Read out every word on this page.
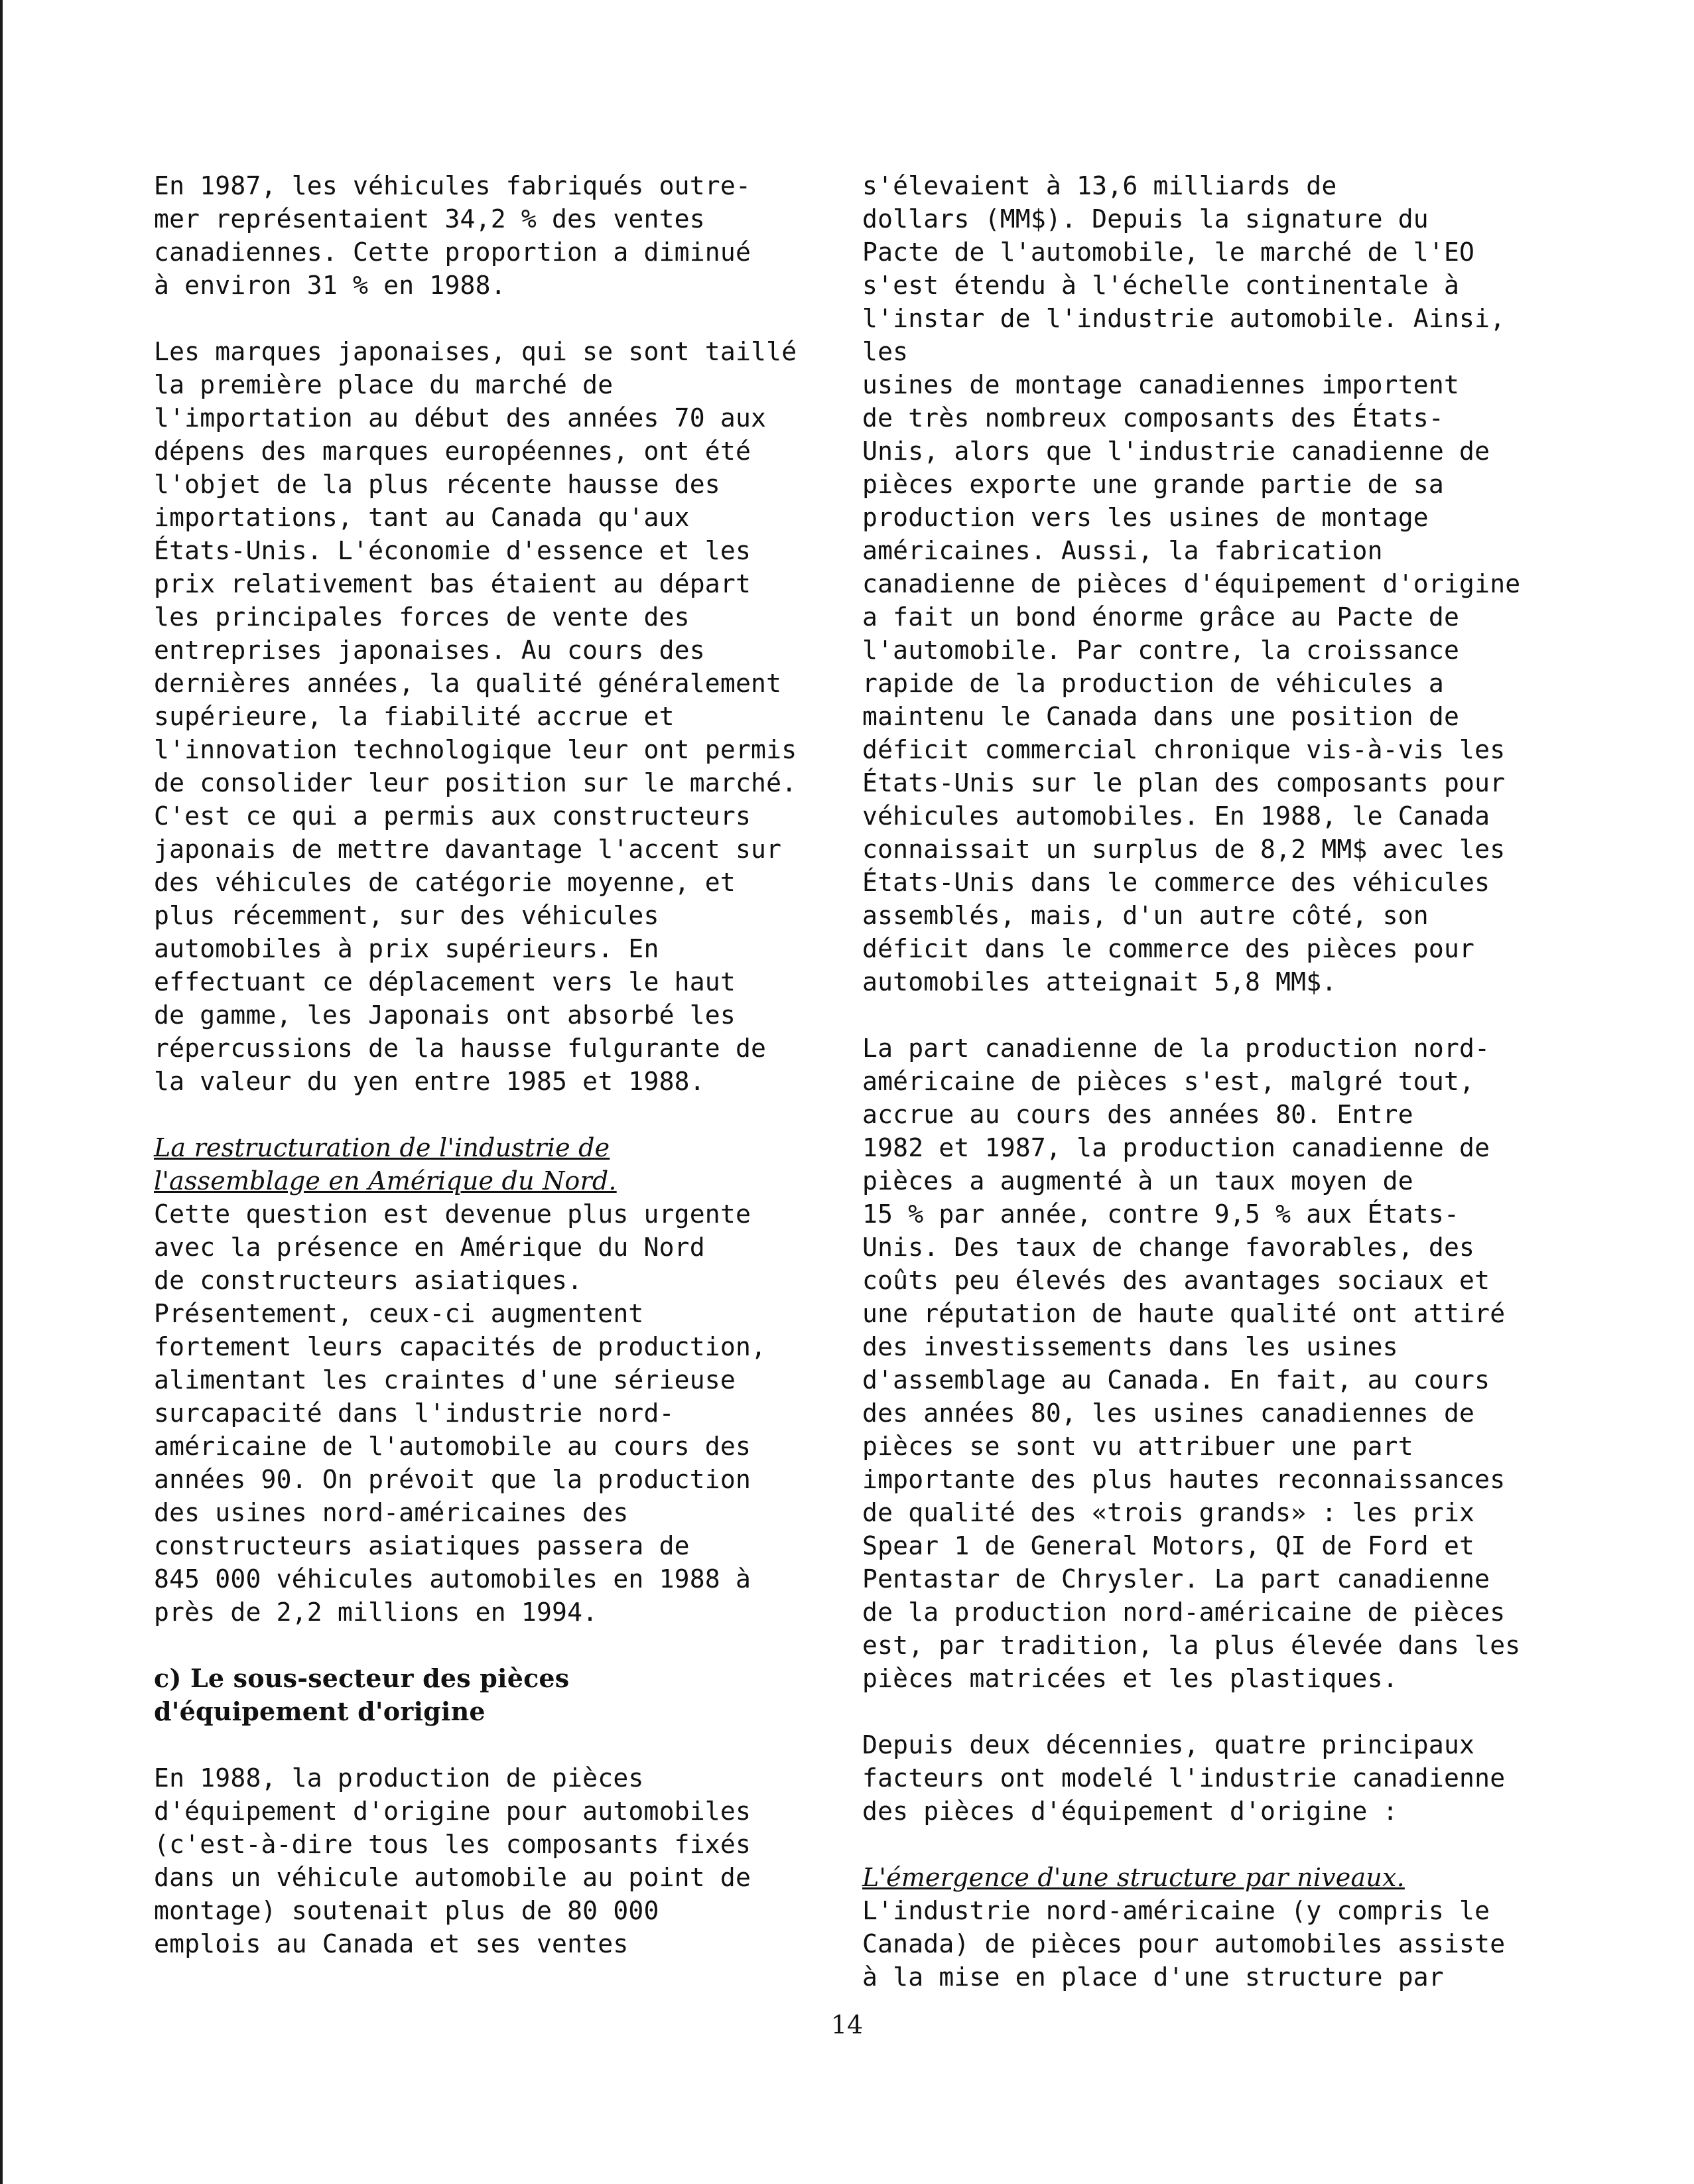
En 1987, les véhicules fabriqués outre-
mer représentaient 34,2 % des ventes
canadiennes. Cette proportion a diminué
à environ 31 % en 1988.

Les marques japonaises, qui se sont taillé
la première place du marché de
l'importation au début des années 70 aux
dépens des marques européennes, ont été
l'objet de la plus récente hausse des
importations, tant au Canada qu'aux
États-Unis. L'économie d'essence et les
prix relativement bas étaient au départ
les principales forces de vente des
entreprises japonaises. Au cours des
dernières années, la qualité généralement
supérieure, la fiabilité accrue et
l'innovation technologique leur ont permis
de consolider leur position sur le marché.
C'est ce qui a permis aux constructeurs
japonais de mettre davantage l'accent sur
des véhicules de catégorie moyenne, et
plus récemment, sur des véhicules
automobiles à prix supérieurs. En
effectuant ce déplacement vers le haut
de gamme, les Japonais ont absorbé les
répercussions de la hausse fulgurante de
la valeur du yen entre 1985 et 1988.

La restructuration de l'industrie de
l'assemblage en Amérique du Nord.

Cette question est devenue plus urgente
avec la présence en Amérique du Nord
de constructeurs asiatiques.
Présentement, ceux-ci augmentent
fortement leurs capacités de production,
alimentant les craintes d'une sérieuse
surcapacité dans l'industrie nord-
américaine de l'automobile au cours des
années 90. On prévoit que la production
des usines nord-américaines des
constructeurs asiatiques passera de
845 000 véhicules automobiles en 1988 à
près de 2,2 millions en 1994.

c) Le sous-secteur des pièces
d'équipement d'origine

En 1988, la production de pièces
d'équipement d'origine pour automobiles
(c'est-à-dire tous les composants fixés
dans un véhicule automobile au point de
montage) soutenait plus de 80 000
emplois au Canada et ses ventes

s'élevaient à 13,6 milliards de
dollars (MM$). Depuis la signature du
Pacte de l'automobile, le marché de l'EO
s'est étendu à l'échelle continentale à
l'instar de l'industrie automobile. Ainsi, les
usines de montage canadiennes importent
de très nombreux composants des États-
Unis, alors que l'industrie canadienne de
pièces exporte une grande partie de sa
production vers les usines de montage
américaines. Aussi, la fabrication
canadienne de pièces d'équipement d'origine
a fait un bond énorme grâce au Pacte de
l'automobile. Par contre, la croissance
rapide de la production de véhicules a
maintenu le Canada dans une position de
déficit commercial chronique vis-à-vis les
États-Unis sur le plan des composants pour
véhicules automobiles. En 1988, le Canada
connaissait un surplus de 8,2 MM$ avec les
États-Unis dans le commerce des véhicules
assemblés, mais, d'un autre côté, son
déficit dans le commerce des pièces pour
automobiles atteignait 5,8 MM$.

La part canadienne de la production nord-
américaine de pièces s'est, malgré tout,
accrue au cours des années 80. Entre
1982 et 1987, la production canadienne de
pièces a augmenté à un taux moyen de
15 % par année, contre 9,5 % aux États-
Unis. Des taux de change favorables, des
coûts peu élevés des avantages sociaux et
une réputation de haute qualité ont attiré
des investissements dans les usines
d'assemblage au Canada. En fait, au cours
des années 80, les usines canadiennes de
pièces se sont vu attribuer une part
importante des plus hautes reconnaissances
de qualité des «trois grands» : les prix
Spear 1 de General Motors, QI de Ford et
Pentastar de Chrysler. La part canadienne
de la production nord-américaine de pièces
est, par tradition, la plus élevée dans les
pièces matricées et les plastiques.

Depuis deux décennies, quatre principaux
facteurs ont modelé l'industrie canadienne
des pièces d'équipement d'origine :

L'émergence d'une structure par niveaux.

L'industrie nord-américaine (y compris le
Canada) de pièces pour automobiles assiste
à la mise en place d'une structure par

14
